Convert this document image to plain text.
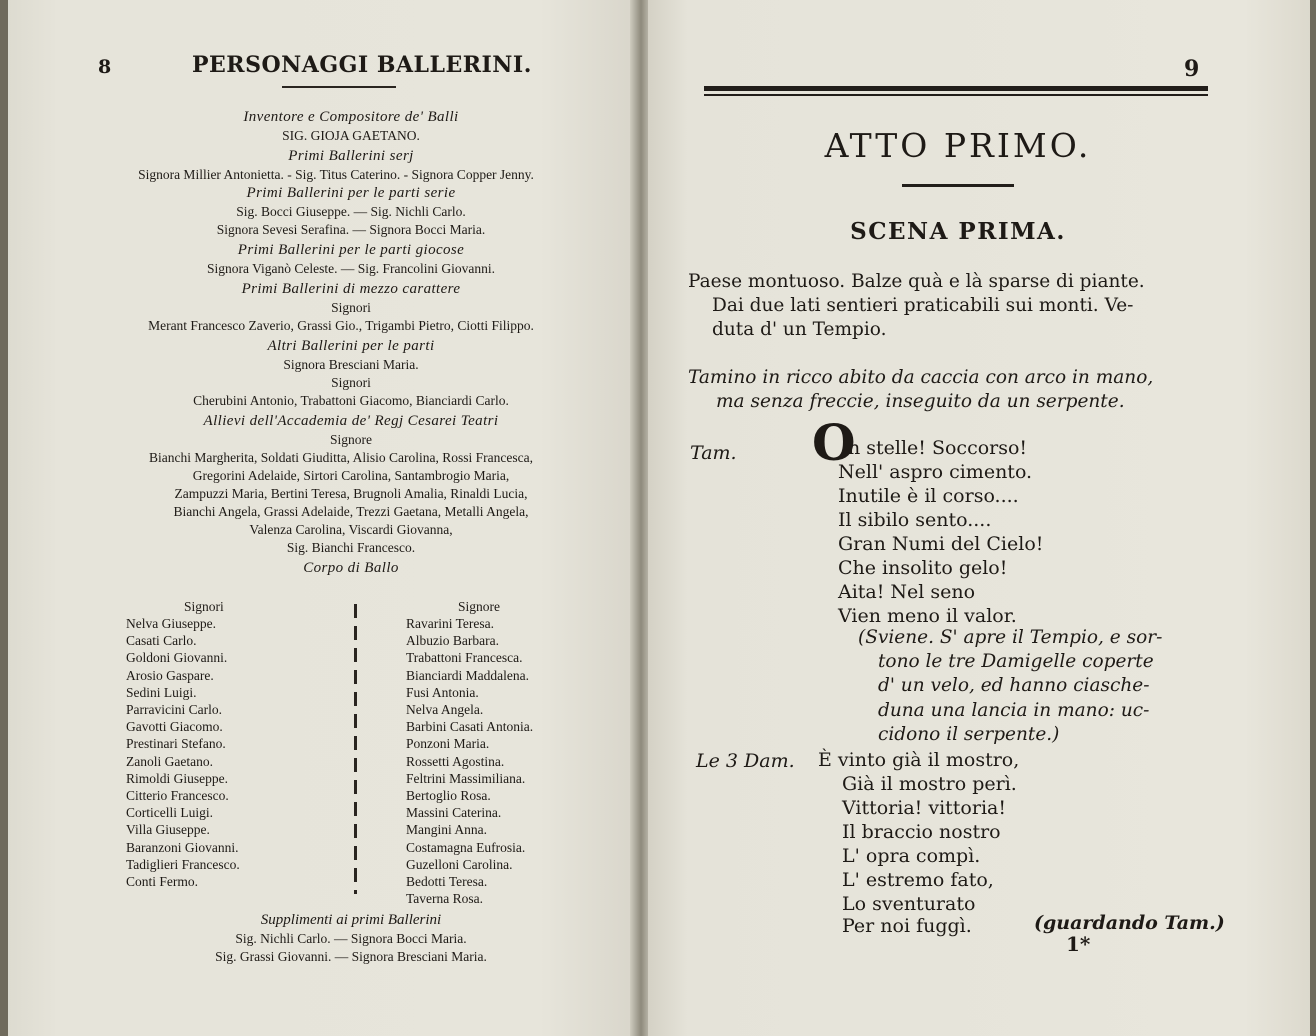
8	PERSONAGGI BALLERINI.

Inventore e Compositore de' Balli

SIG. GIOJA GAETANO.

Primi Ballerini serj

Signora Millier Antonietta. - Sig. Titus Caterino. - Signora Copper Jenny.

Primi Ballerini per le parti serie

Sig. Bocci Giuseppe. — Sig. Nichli Carlo.

Signora Sevesi Serafina. — Signora Bocci Maria.

Primi Ballerini per le parti giocose

Signora Viganò Celeste. — Sig. Francolini Giovanni.

Primi Ballerini di mezzo carattere

Signori

Merant Francesco Zaverio, Grassi Gio., Trigambi Pietro, Ciotti Filippo.

Altri Ballerini per le parti

Signora Bresciani Maria.

Signori

Cherubini Antonio, Trabattoni Giacomo, Bianciardi Carlo.

Allievi dell'Accademia de' Regj Cesarei Teatri

Signore

Bianchi Margherita, Soldati Giuditta, Alisio Carolina, Rossi Francesca,

Gregorini Adelaide, Sirtori Carolina, Santambrogio Maria,

Zampuzzi Maria, Bertini Teresa, Brugnoli Amalia, Rinaldi Lucia,

Bianchi Angela, Grassi Adelaide, Trezzi Gaetana, Metalli Angela,

Valenza Carolina, Viscardi Giovanna,

Sig. Bianchi Francesco.

Corpo di Ballo

Signori
Nelva Giuseppe.
Casati Carlo.
Goldoni Giovanni.
Arosio Gaspare.
Sedini Luigi.
Parravicini Carlo.
Gavotti Giacomo.
Prestinari Stefano.
Zanoli Gaetano.
Rimoldi Giuseppe.
Citterio Francesco.
Corticelli Luigi.
Villa Giuseppe.
Baranzoni Giovanni.
Tadiglieri Francesco.
Conti Fermo.
Signore
Ravarini Teresa.
Albuzio Barbara.
Trabattoni Francesca.
Bianciardi Maddalena.
Fusi Antonia.
Nelva Angela.
Barbini Casati Antonia.
Ponzoni Maria.
Rossetti Agostina.
Feltrini Massimiliana.
Bertoglio Rosa.
Massini Caterina.
Mangini Anna.
Costamagna Eufrosia.
Guzelloni Carolina.
Bedotti Teresa.
Taverna Rosa.
Supplimenti ai primi Ballerini
Sig. Nichli Carlo. — Signora Bocci Maria.
Sig. Grassi Giovanni. — Signora Bresciani Maria.
9
ATTO PRIMO.
SCENA PRIMA.

Paese montuoso. Balze quà e là sparse di piante.

Dai due lati sentieri praticabili sui monti. Ve-

duta d' un Tempio.

Tamino in ricco abito da caccia con arco in mano,

ma senza freccie, inseguito da un serpente.

Tam. O
h stelle! Soccorso!
Nell' aspro cimento.
Inutile è il corso....
Il sibilo sento....
Gran Numi del Cielo!
Che insolito gelo!
Aita! Nel seno
Vien meno il valor.

(Sviene. S' apre il Tempio, e sor-

tono le tre Damigelle coperte

d' un velo, ed hanno ciasche-

duna una lancia in mano: uc-

cidono il serpente.)

Le 3 Dam. È vinto già il mostro,
Già il mostro perì.
Vittoria! vittoria!
Il braccio nostro
L' opra compì.
L' estremo fato,
Lo sventurato
Per noi fuggì.	(guardando Tam.)
1*
